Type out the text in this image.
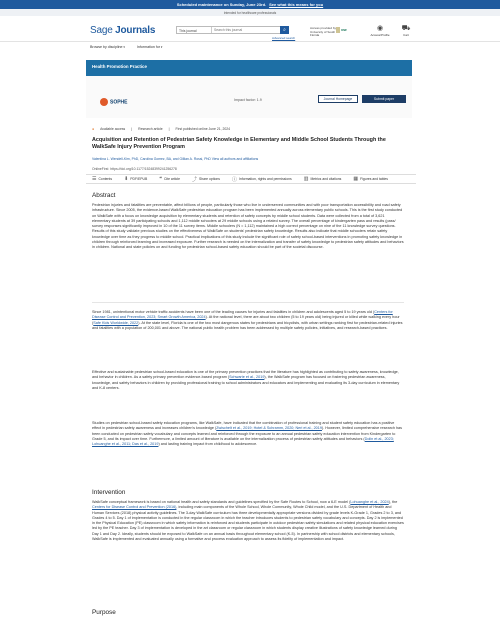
Scheduled maintenance on Sunday, June 23rd. See what this means for you
Intended for healthcare professionals
Sage Journals	This journal
Search this journal	⌕
Advanced search
Access provided by University of South Florida
USF	◉
Access/Profile
⛟
Cart
Browse by discipline ▾	Information for ▾
Health Promotion Practice
SOPHE	Impact factor: 1.9	Journal Homepage	Submit paper
● Available access | Research article | First published online June 21, 2024
Acquisition and Retention of Pedestrian Safety Knowledge in Elementary and Middle School Students Through the WalkSafe Injury Prevention Program
Valentina L. Wendell-Kim, PhD, Carolina Gomez, BA, and Gillian A. Rossi, PhD View all authors and affiliations
OnlineFirst https://doi.org/10.1177/15248399241256278
☰ Contents ⬇ PDF/EPUB ❝ Cite article ⤴ Share options ⓘ Information, rights and permissions ▥ Metrics and citations ▦ Figures and tables
Abstract
Pedestrian injuries and fatalities are preventable, affect billions of people, particularly those who live in underserved communities and with poor transportation accessibility and road safety infrastructure. Since 2005, the evidence-based WalkSafe pedestrian education program has been implemented annually across elementary public schools. This is the first study conducted on WalkSafe with a focus on knowledge acquisition by elementary students and retention of safety concepts by middle school students. Data were collected from a total of 3,621 elementary students at 39 participating schools and 1,112 middle schoolers at 29 middle schools using a related survey. The overall percentage of kindergarten pass and results (pass/ survey responses significantly improved in 10 of the 11 survey items. Middle schoolers (N = 1,112) maintained a high correct percentage on nine of the 11 knowledge survey questions. Results of this study validate previous studies on the effectiveness of WalkSafe on students' pedestrian safety knowledge. Results also indicate that middle schoolers retain safety knowledge over time as they progress to middle school. Practical implications of this study include the significant role of safety school-based interventions in promoting safety knowledge in children through reinforced learning and increased exposure. Further research is needed on the internalization and transfer of safety knowledge to pedestrian safety attitudes and behaviors in children. National and state policies on and funding for pedestrian school-based safety education should be part of the societal discourse.
Since 1981, unintentional motor vehicle traffic accidents have been one of the leading causes for injuries and fatalities in children and adolescents aged 5 to 19 years old (Centers for Disease Control and Prevention, 2023; Smart Growth America, 2024). At the national level, there are about two children (5 to 19 years old) being injured or killed while walking every hour (Safe Kids Worldwide, 2022). At the state level, Florida is one of the two most dangerous states for pedestrians and bicyclists, with urban settings ranking first for pedestrian-related injuries and fatalities with a population of 200,001 and above. The national public health problem has been addressed by multiple safety policies, initiatives, and research-based practices.
Effective and sustainable pedestrian school-based education is one of the primary prevention practices that the literature has highlighted as contributing to safety awareness, knowledge, and behavior in children. As a safety primary prevention evidence-based program (Schwarte et al., 2019), the WalkSafe program has focused on fostering pedestrian awareness, knowledge, and safety behaviors in children by providing professional training to school administrators and educators and implementing and evaluating its 3-day curriculum in elementary and K-8 centers.
Studies on pedestrian school-based safety education programs, like WalkSafe, have indicated that the combination of professional training and student safety education has a positive effect in pedestrian safety awareness and increases children's knowledge (Zwischelt et al., 2019; Hotel & Schramm, 2020; Neri et al., 2019). However, limited comprehensive research has been conducted on pedestrian safety vocabulary and concepts learned and reinforced through the exposure to an annual pedestrian safety education intervention from Kindergarten to Grade 5, and its impact over time. Furthermore, a limited amount of literature is available on the internalization process of pedestrian safety attitudes and behaviors (Dolin et al., 2023; Lohuanghe et al., 2011; Das et al., 2019) and lasting training impact from childhood to adolescence.
Intervention
WalkSafe conceptual framework is based on national health and safety standards and guidelines specified by the Safe Routes to School, now a 6-E model (Lohuanghe et al., 2024), the Centers for Disease Control and Prevention (2016), including main components of the Whole School, Whole Community, Whole Child model, and the U.S. Department of Health and Human Services (2018) physical activity guidelines. The 3-day WalkSafe curriculum has three developmentally appropriate versions divided by grade levels K-Grade 1, Grades 2 to 3, and Grades 4 to 5. Day 1 of implementation is conducted in the regular classroom in which the teacher introduces students to pedestrian safety vocabulary and concepts. Day 2 is implemented in the Physical Education (PE) classroom in which safety information is reinforced and students participate in outdoor pedestrian safety simulations and related physical education exercises led by the PE teacher. Day 3 of implementation is developed in the art classroom or regular classroom in which students display creative illustrations of safety knowledge learned during Day 1 and Day 2. Ideally, students should be exposed to WalkSafe on an annual basis throughout elementary school (K-5). In partnership with school districts and elementary schools, WalkSafe is implemented and evaluated annually using a formative and process evaluation approach to assess its fidelity of implementation and impact.
Purpose
